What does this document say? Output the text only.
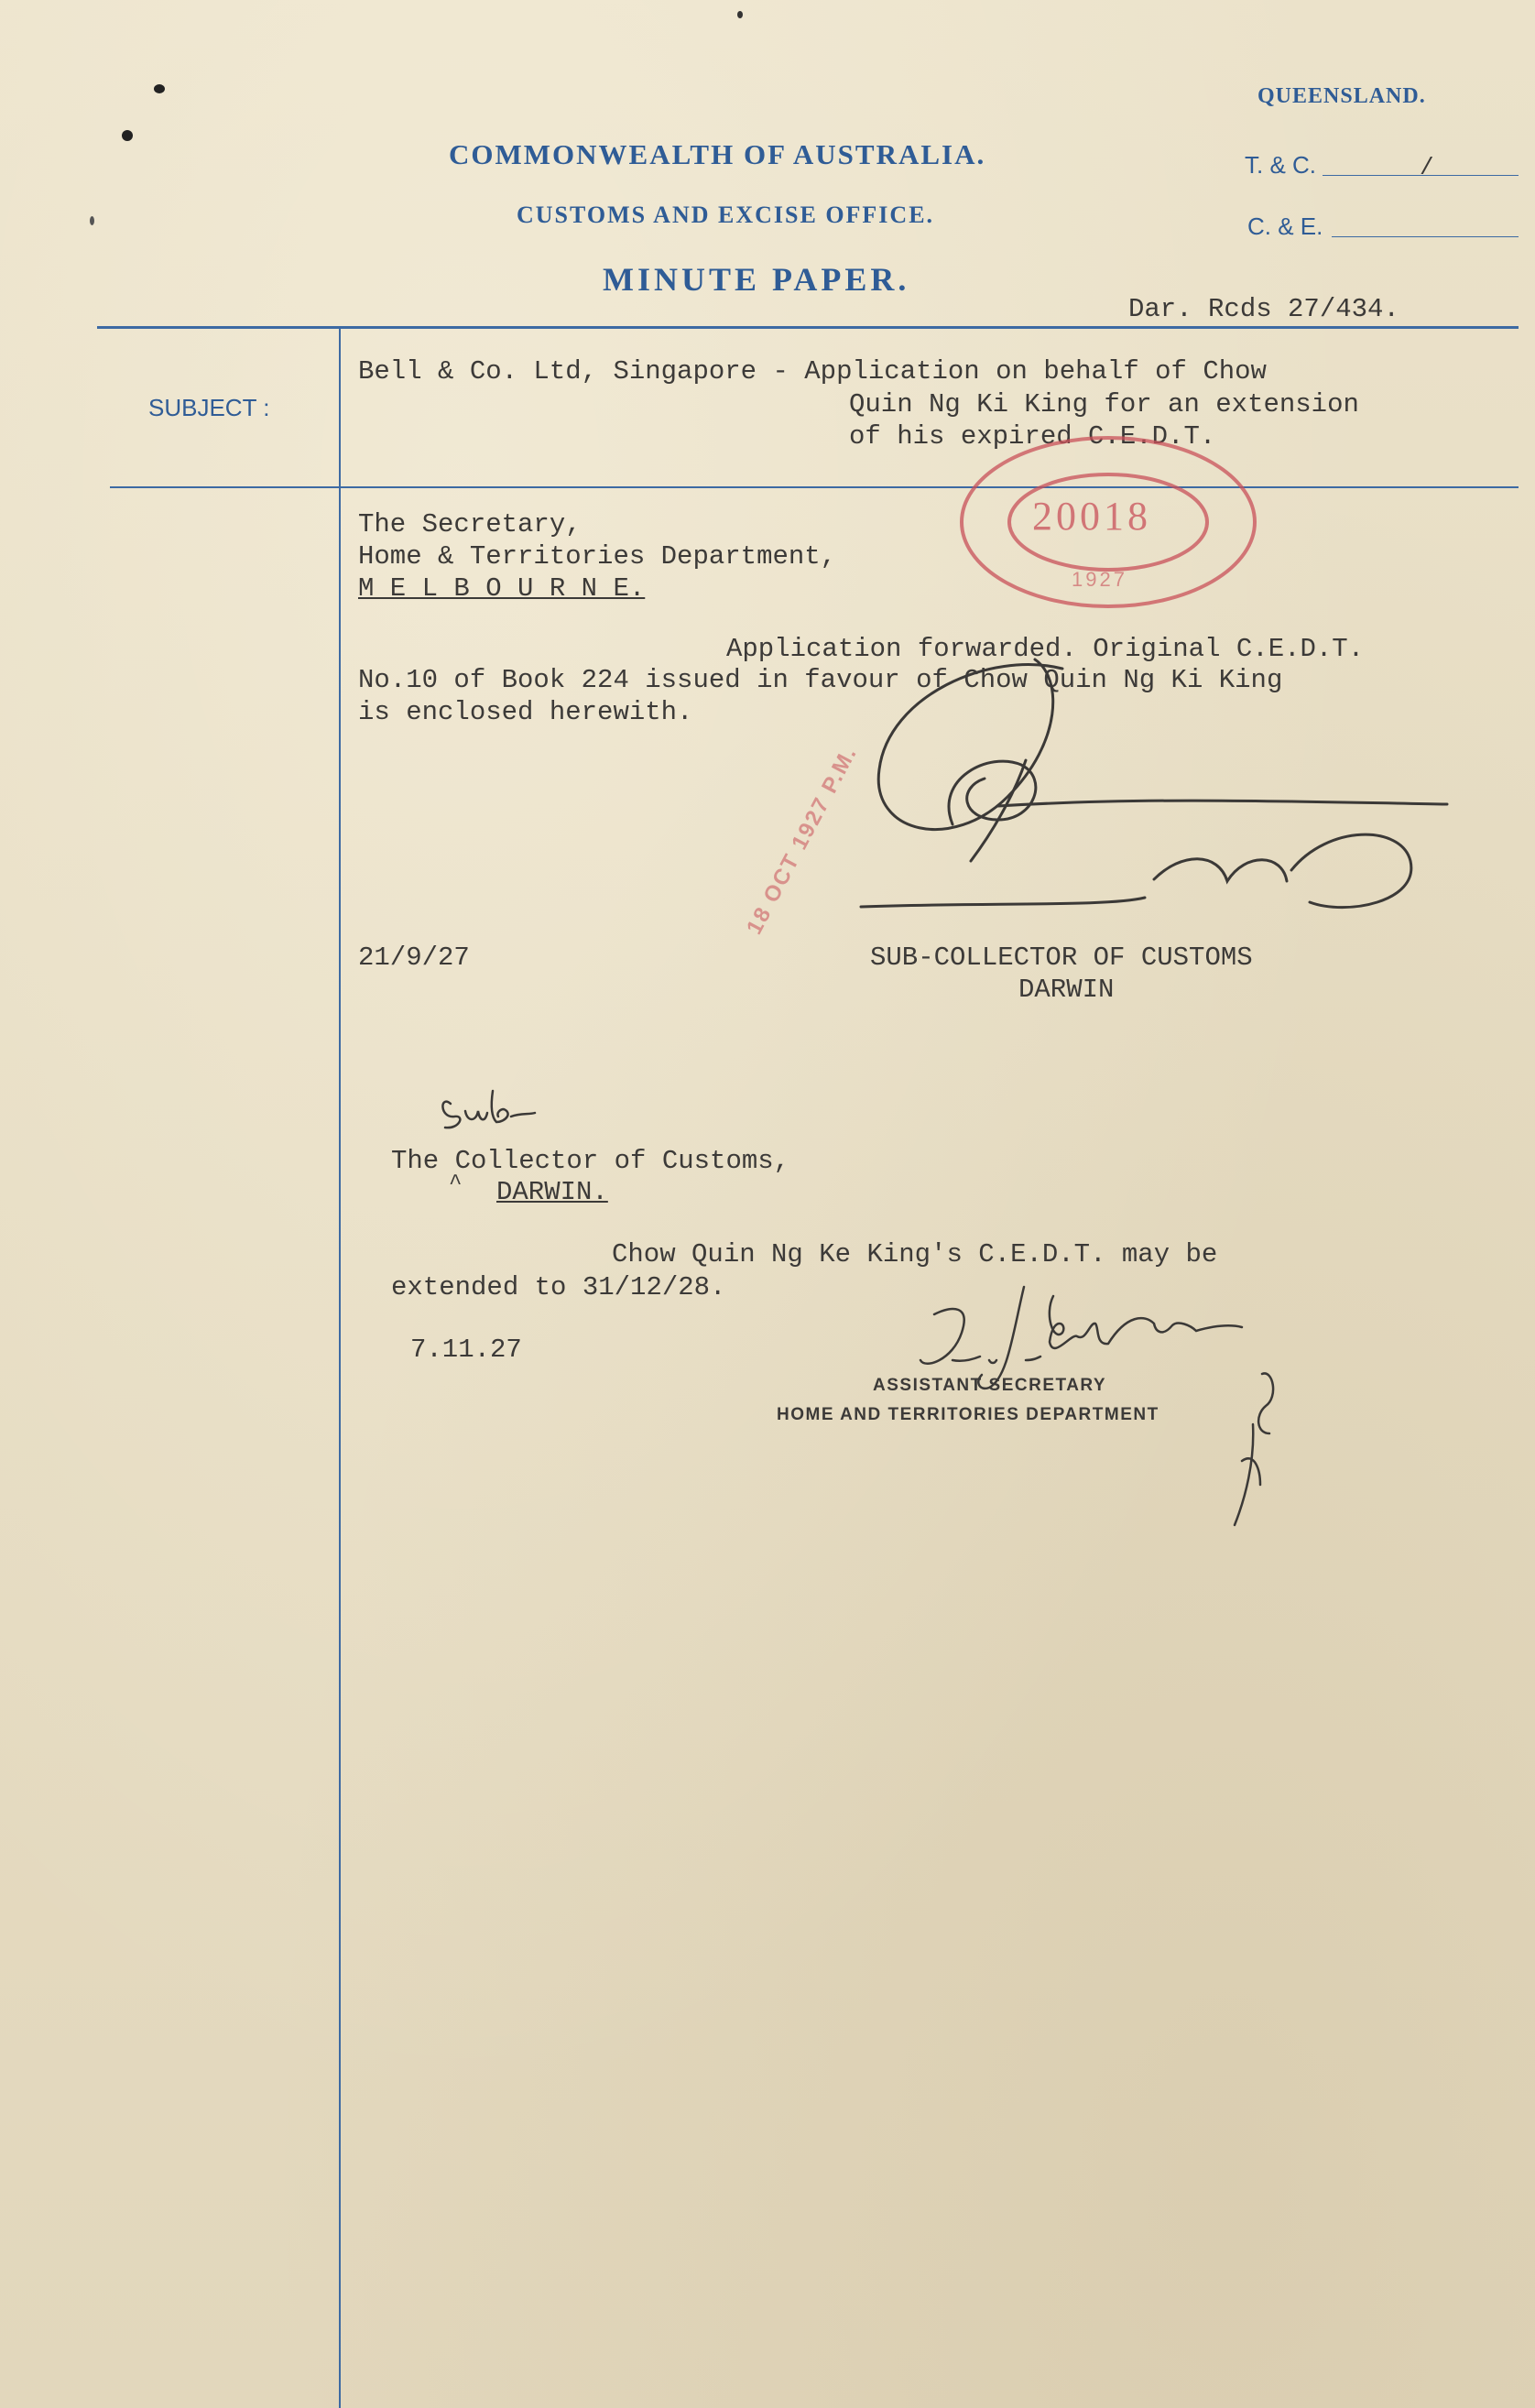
QUEENSLAND.
COMMONWEALTH OF AUSTRALIA.
CUSTOMS AND EXCISE OFFICE.
MINUTE PAPER.
T. & C.	/
C. & E.
Dar. Rcds 27/434.
SUBJECT :
Bell & Co. Ltd, Singapore - Application on behalf of Chow
Quin Ng Ki King for an extension
of his expired C.E.D.T.
The Secretary,
Home & Territories Department,
M E L B O U R N E.
Application forwarded. Original C.E.D.T.
No.10 of Book 224 issued in favour of Chow Quin Ng Ki King
is enclosed herewith.
21/9/27	SUB-COLLECTOR OF CUSTOMS
DARWIN
20018
1927
18 OCT 1927 P.M.
The Collector of Customs,
^ DARWIN.
Chow Quin Ng Ke King's C.E.D.T. may be
extended to 31/12/28.
7.11.27
ASSISTANT SECRETARY
HOME AND TERRITORIES DEPARTMENT
